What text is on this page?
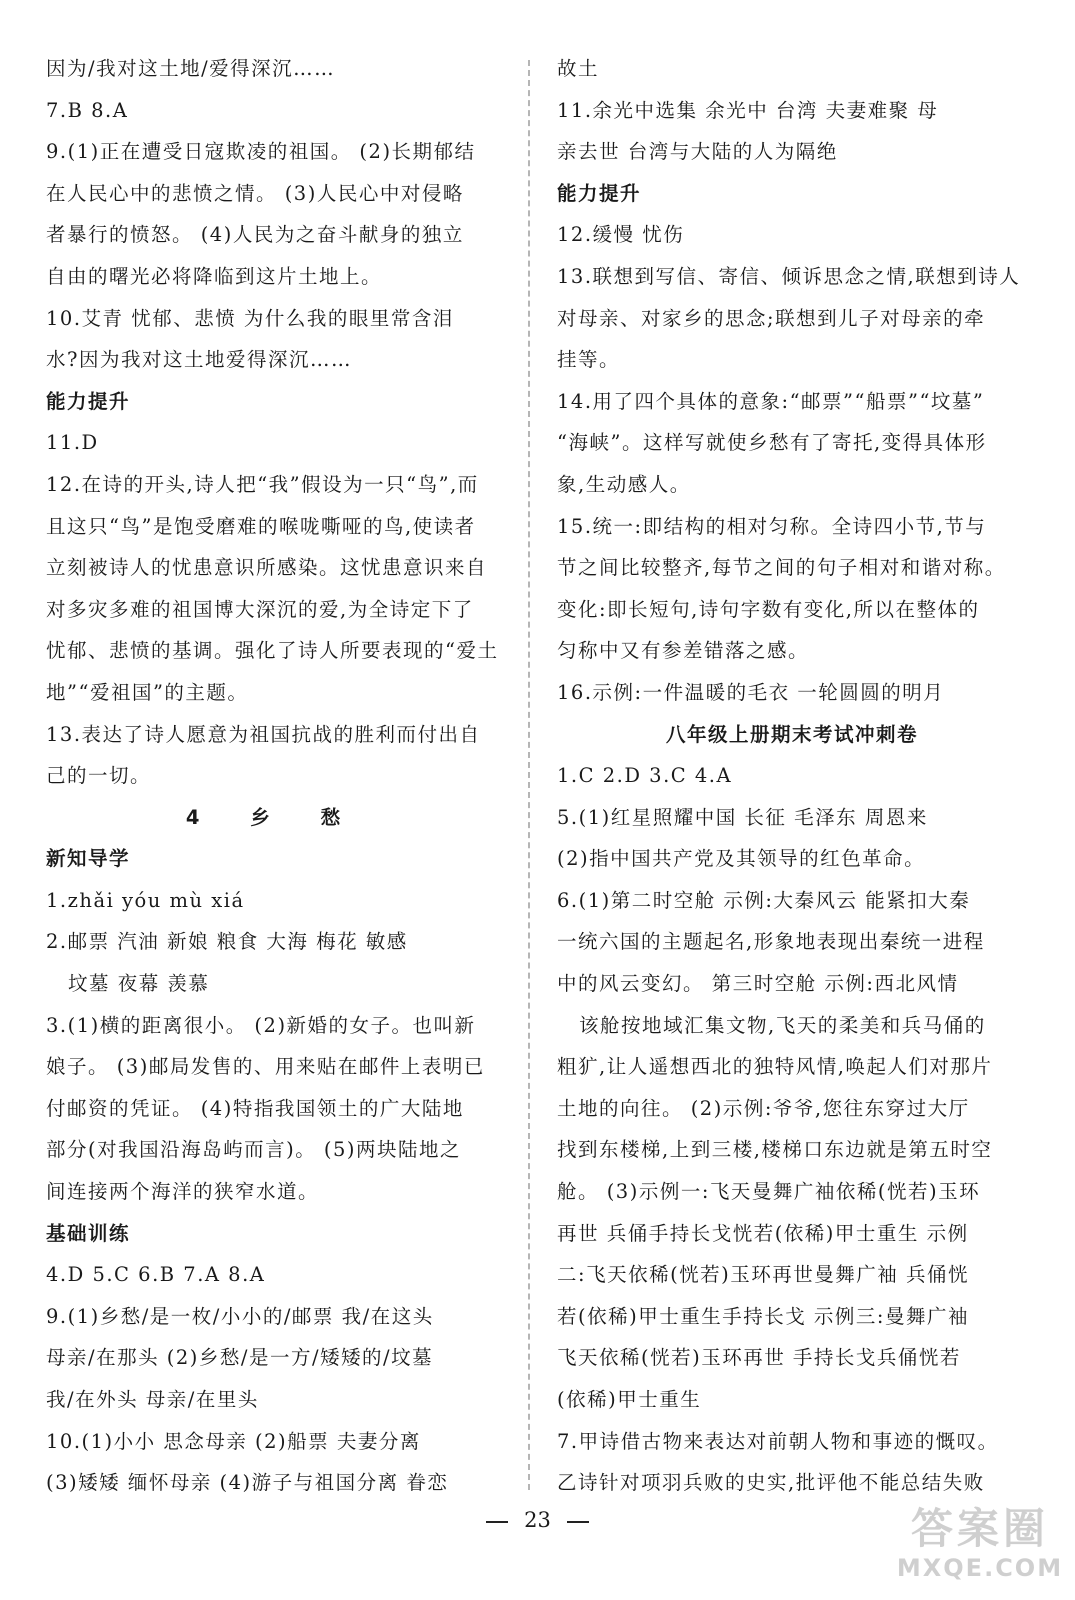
因为/我对这土地/爱得深沉……
7.B 8.A
9.(1)正在遭受日寇欺凌的祖国。 (2)长期郁结
在人民心中的悲愤之情。 (3)人民心中对侵略
者暴行的愤怒。 (4)人民为之奋斗献身的独立
自由的曙光必将降临到这片土地上。
10.艾青 忧郁、悲愤 为什么我的眼里常含泪
水?因为我对这土地爱得深沉……
能力提升
11.D
12.在诗的开头,诗人把“我”假设为一只“鸟”,而
且这只“鸟”是饱受磨难的喉咙嘶哑的鸟,使读者
立刻被诗人的忧患意识所感染。这忧患意识来自
对多灾多难的祖国博大深沉的爱,为全诗定下了
忧郁、悲愤的基调。强化了诗人所要表现的“爱土
地”“爱祖国”的主题。
13.表达了诗人愿意为祖国抗战的胜利而付出自
己的一切。
4 乡 愁
新知导学
1.zhǎi yóu mù xiá
2.邮票 汽油 新娘 粮食 大海 梅花 敏感
坟墓 夜幕 羡慕
3.(1)横的距离很小。 (2)新婚的女子。也叫新
娘子。 (3)邮局发售的、用来贴在邮件上表明已
付邮资的凭证。 (4)特指我国领土的广大陆地
部分(对我国沿海岛屿而言)。 (5)两块陆地之
间连接两个海洋的狭窄水道。
基础训练
4.D 5.C 6.B 7.A 8.A
9.(1)乡愁/是一枚/小小的/邮票 我/在这头
母亲/在那头 (2)乡愁/是一方/矮矮的/坟墓
我/在外头 母亲/在里头
10.(1)小小 思念母亲 (2)船票 夫妻分离
(3)矮矮 缅怀母亲 (4)游子与祖国分离 眷恋
故土
11.余光中选集 余光中 台湾 夫妻难聚 母
亲去世 台湾与大陆的人为隔绝
能力提升
12.缓慢 忧伤
13.联想到写信、寄信、倾诉思念之情,联想到诗人
对母亲、对家乡的思念;联想到儿子对母亲的牵
挂等。
14.用了四个具体的意象:“邮票”“船票”“坟墓”
“海峡”。这样写就使乡愁有了寄托,变得具体形
象,生动感人。
15.统一:即结构的相对匀称。全诗四小节,节与
节之间比较整齐,每节之间的句子相对和谐对称。
变化:即长短句,诗句字数有变化,所以在整体的
匀称中又有参差错落之感。
16.示例:一件温暖的毛衣 一轮圆圆的明月
八年级上册期末考试冲刺卷
1.C 2.D 3.C 4.A
5.(1)红星照耀中国 长征 毛泽东 周恩来
(2)指中国共产党及其领导的红色革命。
6.(1)第二时空舱 示例:大秦风云 能紧扣大秦
一统六国的主题起名,形象地表现出秦统一进程
中的风云变幻。 第三时空舱 示例:西北风情
该舱按地域汇集文物,飞天的柔美和兵马俑的
粗犷,让人遥想西北的独特风情,唤起人们对那片
土地的向往。 (2)示例:爷爷,您往东穿过大厅
找到东楼梯,上到三楼,楼梯口东边就是第五时空
舱。 (3)示例一:飞天曼舞广袖依稀(恍若)玉环
再世 兵俑手持长戈恍若(依稀)甲士重生 示例
二:飞天依稀(恍若)玉环再世曼舞广袖 兵俑恍
若(依稀)甲士重生手持长戈 示例三:曼舞广袖
飞天依稀(恍若)玉环再世 手持长戈兵俑恍若
(依稀)甲士重生
7.甲诗借古物来表达对前朝人物和事迹的慨叹。
乙诗针对项羽兵败的史实,批评他不能总结失败
23	答案圈
MXQE.COM
